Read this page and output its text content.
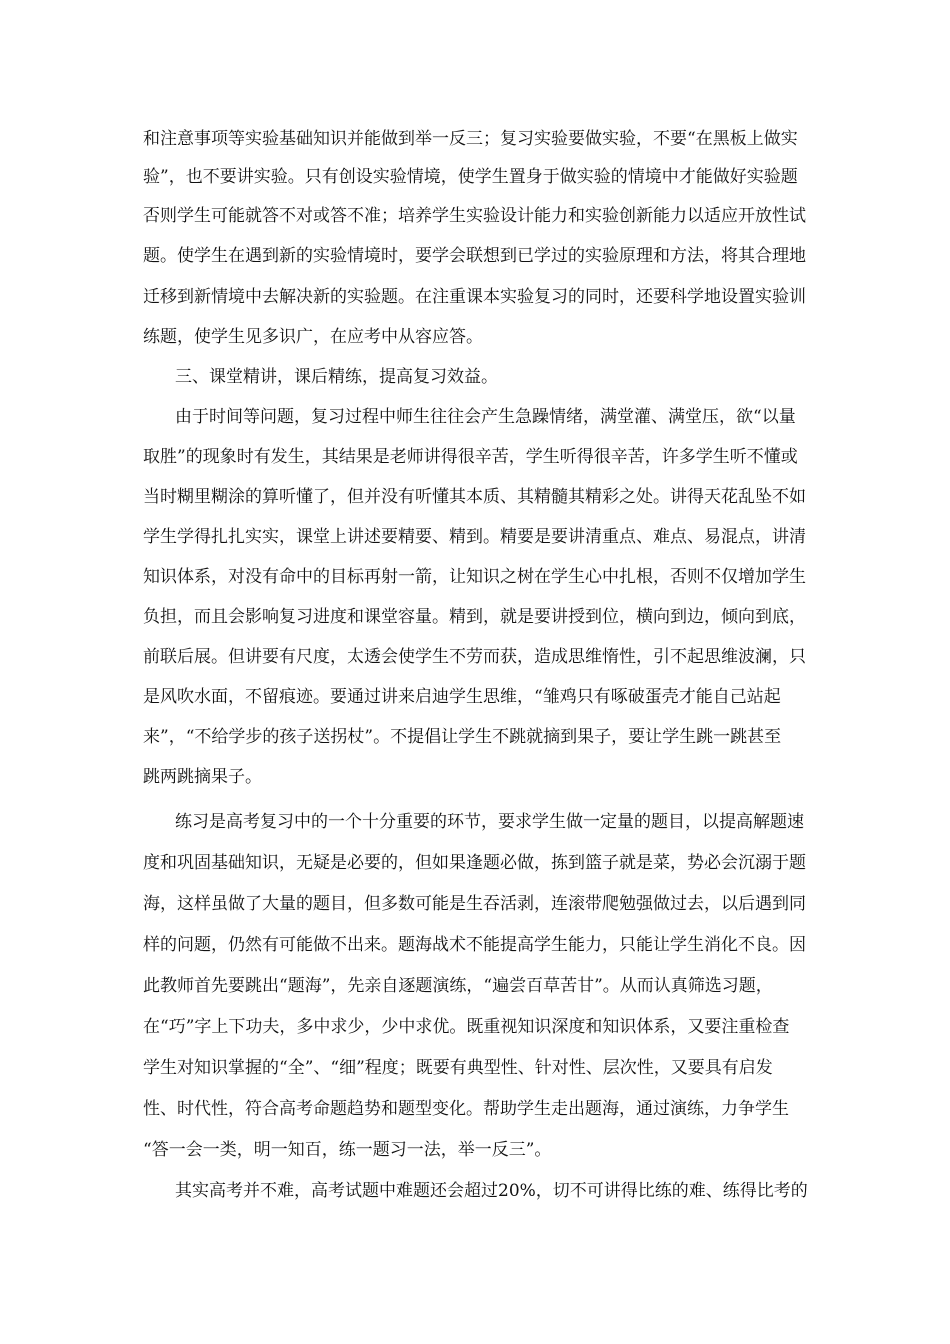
和注意事项等实验基础知识并能做到举一反三；复习实验要做实验，不要“在黑板上做实
验”，也不要讲实验。只有创设实验情境，使学生置身于做实验的情境中才能做好实验题
否则学生可能就答不对或答不准；培养学生实验设计能力和实验创新能力以适应开放性试
题。使学生在遇到新的实验情境时，要学会联想到已学过的实验原理和方法，将其合理地
迁移到新情境中去解决新的实验题。在注重课本实验复习的同时，还要科学地设置实验训
练题，使学生见多识广，在应考中从容应答。
三、课堂精讲，课后精练，提高复习效益。
由于时间等问题，复习过程中师生往往会产生急躁情绪，满堂灌、满堂压，欲“以量
取胜”的现象时有发生，其结果是老师讲得很辛苦，学生听得很辛苦，许多学生听不懂或
当时糊里糊涂的算听懂了，但并没有听懂其本质、其精髓其精彩之处。讲得天花乱坠不如
学生学得扎扎实实，课堂上讲述要精要、精到。精要是要讲清重点、难点、易混点，讲清
知识体系，对没有命中的目标再射一箭，让知识之树在学生心中扎根，否则不仅增加学生
负担，而且会影响复习进度和课堂容量。精到，就是要讲授到位，横向到边，倾向到底，
前联后展。但讲要有尺度，太透会使学生不劳而获，造成思维惰性，引不起思维波澜，只
是风吹水面，不留痕迹。要通过讲来启迪学生思维，“雏鸡只有啄破蛋壳才能自己站起
来”，“不给学步的孩子送拐杖”。不提倡让学生不跳就摘到果子，要让学生跳一跳甚至
跳两跳摘果子。
练习是高考复习中的一个十分重要的环节，要求学生做一定量的题目，以提高解题速
度和巩固基础知识，无疑是必要的，但如果逢题必做，拣到篮子就是菜，势必会沉溺于题
海，这样虽做了大量的题目，但多数可能是生吞活剥，连滚带爬勉强做过去，以后遇到同
样的问题，仍然有可能做不出来。题海战术不能提高学生能力，只能让学生消化不良。因
此教师首先要跳出“题海”，先亲自逐题演练，“遍尝百草苦甘”。从而认真筛选习题，
在“巧”字上下功夫，多中求少，少中求优。既重视知识深度和知识体系，又要注重检查
学生对知识掌握的“全”、“细”程度；既要有典型性、针对性、层次性，又要具有启发
性、时代性，符合高考命题趋势和题型变化。帮助学生走出题海，通过演练，力争学生
“答一会一类，明一知百，练一题习一法，举一反三”。
其实高考并不难，高考试题中难题还会超过20%，切不可讲得比练的难、练得比考的
